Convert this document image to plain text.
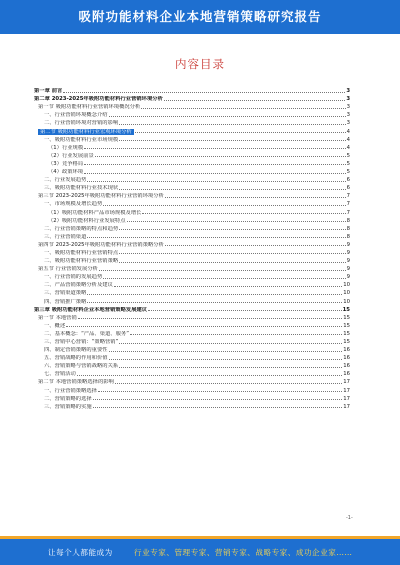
吸附功能材料企业本地营销策略研究报告
内容目录
第一章 前言	3
第二章 2023-2025年吸附功能材料行业营销环境分析	3
第一节 吸附功能材料行业营销环境概况分析	3
一、行业营销环境概念介绍	3
二、行业营销环境对营销的影响	3
第二节 吸附功能材料行业宏观环境分析	4
一、吸附功能材料行业市场规模	4
（1）行业规模	4
（2）行业发展前景	5
（3）竞争格局	5
（4）政策环境	5
二、行业发展趋势	6
三、吸附功能材料行业技术现状	6
第三节 2023-2025年吸附功能材料行业营销环境分析	7
一、市场规模及增长趋势	7
（1）吸附功能材料产品市场规模及增长	7
（2）吸附功能材料行业发展特点	8
二、行业营销策略的特点和趋势	8
三、行业营销渠道	8
第四节 2023-2025年吸附功能材料行业营销策略分析	9
一、吸附功能材料行业营销特点	9
二、吸附功能材料行业营销策略	9
第五节 行业营销发展分析	9
一、行业营销的发展趋势	9
二、产品营销策略分析及建议	10
三、营销渠道策略	10
四、营销推广策略	10
第三章 吸附功能材料企业本地营销策略发展建议	15
第一节 本地营销	15
一、概述	15
二、基本概念：“产品、渠道、服务”	15
三、营销中心营销：“策略营销”	15
四、制定营销策略的重要性	16
五、营销战略的作用和价值	16
六、营销策略与营销战略的关系	16
七、营销活动	16
第二节 本地营销策略选择的影响	17
一、行业营销策略选择	17
二、营销策略的选择	17
三、营销策略的实施	17
-1-
让每个人都能成为	行业专家、管理专家、营销专家、战略专家、成功企业家……
